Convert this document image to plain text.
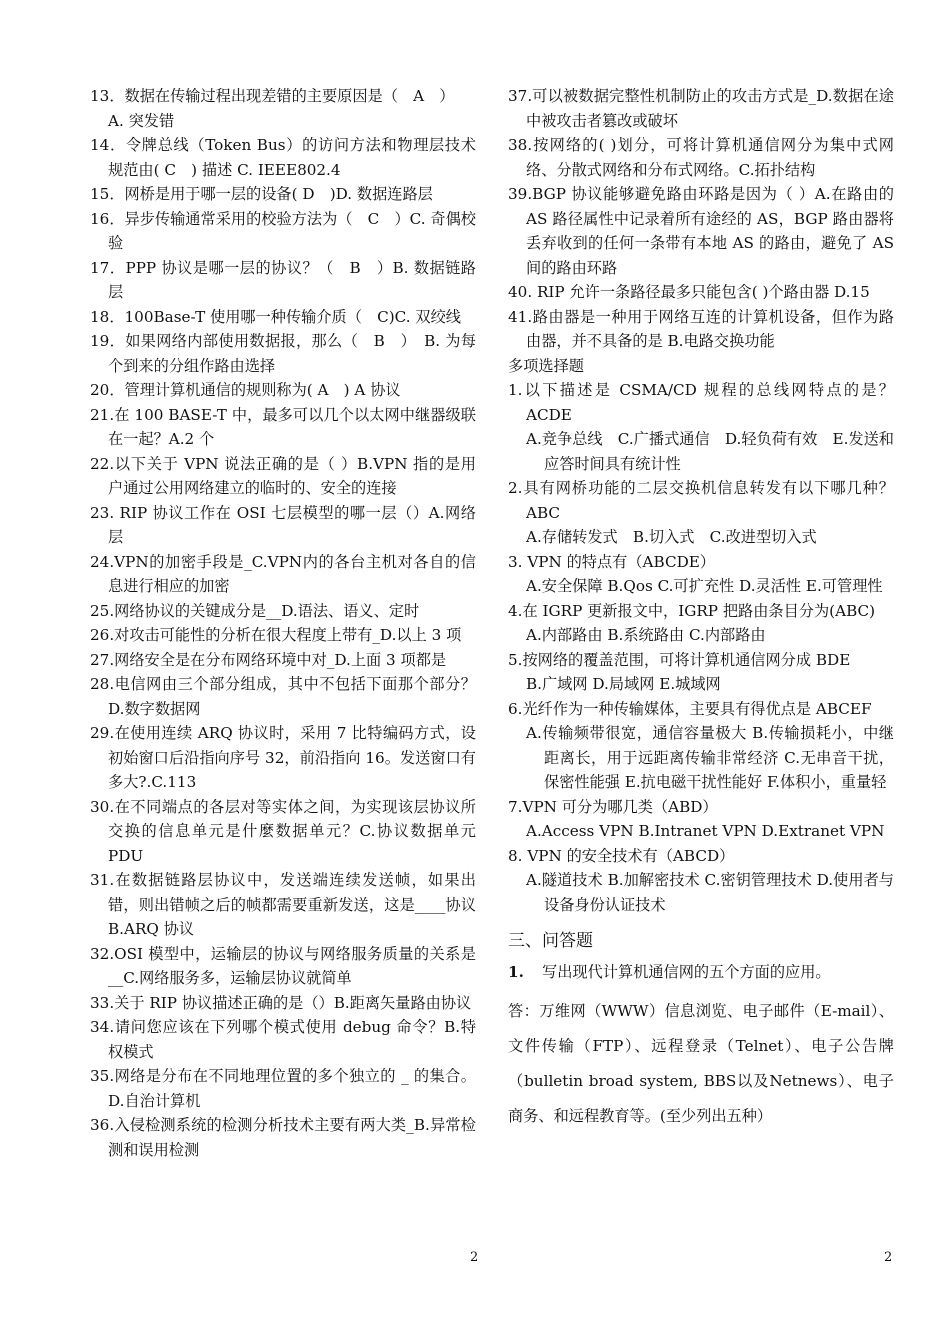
13．数据在传输过程出现差错的主要原因是（　A　）
A. 突发错
14．令牌总线（Token Bus）的访问方法和物理层技术规范由( C　) 描述 C. IEEE802.4
15．网桥是用于哪一层的设备( D　)D. 数据连路层
16．异步传输通常采用的校验方法为（　C　）C. 奇偶校验
17．PPP 协议是哪一层的协议？（　B　）B. 数据链路层
18．100Base-T 使用哪一种传输介质（　C)C. 双绞线
19．如果网络内部使用数据报，那么（　B　）　B. 为每个到来的分组作路由选择
20．管理计算机通信的规则称为( A　) A 协议
21.在 100 BASE-T 中，最多可以几个以太网中继器级联在一起？A.2 个
22.以下关于 VPN 说法正确的是（ ）B.VPN 指的是用户通过公用网络建立的临时的、安全的连接
23. RIP 协议工作在 OSI 七层模型的哪一层（）A.网络层
24.VPN的加密手段是_C.VPN内的各台主机对各自的信息进行相应的加密
25.网络协议的关键成分是__D.语法、语义、定时
26.对攻击可能性的分析在很大程度上带有_D.以上 3 项
27.网络安全是在分布网络环境中对_D.上面 3 项都是
28.电信网由三个部分组成，其中不包括下面那个部分？D.数字数据网
29.在使用连续 ARQ 协议时，采用 7 比特编码方式，设初始窗口后沿指向序号 32，前沿指向 16。发送窗口有多大?.C.113
30.在不同端点的各层对等实体之间，为实现该层协议所交换的信息单元是什麼数据单元？C.协议数据单元 PDU
31.在数据链路层协议中，发送端连续发送帧，如果出错，则出错帧之后的帧都需要重新发送，这是____协议 B.ARQ 协议
32.OSI 模型中，运输层的协议与网络服务质量的关系是__C.网络服务多，运输层协议就简单
33.关于 RIP 协议描述正确的是（）B.距离矢量路由协议
34.请问您应该在下列哪个模式使用 debug 命令？B.特权模式
35.网络是分布在不同地理位置的多个独立的 _ 的集合。D.自治计算机
36.入侵检测系统的检测分析技术主要有两大类_B.异常检测和误用检测
37.可以被数据完整性机制防止的攻击方式是_D.数据在途中被攻击者篡改或破坏
38.按网络的( )划分，可将计算机通信网分为集中式网络、分散式网络和分布式网络。C.拓扑结构
39.BGP 协议能够避免路由环路是因为（ ）A.在路由的 AS 路径属性中记录着所有途经的 AS，BGP 路由器将丢弃收到的任何一条带有本地 AS 的路由，避免了 AS 间的路由环路
40. RIP 允许一条路径最多只能包含( )个路由器 D.15
41.路由器是一种用于网络互连的计算机设备，但作为路由器，并不具备的是 B.电路交换功能
多项选择题
1.以下描述是 CSMA/CD 规程的总线网特点的是？ACDE
A.竞争总线　C.广播式通信　D.轻负荷有效　E.发送和应答时间具有统计性
2.具有网桥功能的二层交换机信息转发有以下哪几种？ABC
A.存储转发式　B.切入式　C.改进型切入式
3. VPN 的特点有（ABCDE）
A.安全保障 B.Qos C.可扩充性 D.灵活性 E.可管理性
4.在 IGRP 更新报文中，IGRP 把路由条目分为(ABC)
A.内部路由 B.系统路由 C.内部路由
5.按网络的覆盖范围，可将计算机通信网分成 BDE
B.广域网 D.局域网 E.城域网
6.光纤作为一种传输媒体，主要具有得优点是 ABCEF
A.传输频带很宽，通信容量极大 B.传输损耗小，中继距离长，用于远距离传输非常经济 C.无串音干扰，保密性能强 E.抗电磁干扰性能好 F.体积小，重量轻
7.VPN 可分为哪几类（ABD）
A.Access VPN B.Intranet VPN D.Extranet VPN
8. VPN 的安全技术有（ABCD）
A.隧道技术 B.加解密技术 C.密钥管理技术 D.使用者与设备身份认证技术
三、问答题
1. 写出现代计算机通信网的五个方面的应用。
答：万维网（WWW）信息浏览、电子邮件（E-mail）、文件传输（FTP）、远程登录（Telnet）、电子公告牌（bulletin broad system, BBS以及Netnews）、电子商务、和远程教育等。(至少列出五种）
2	2
